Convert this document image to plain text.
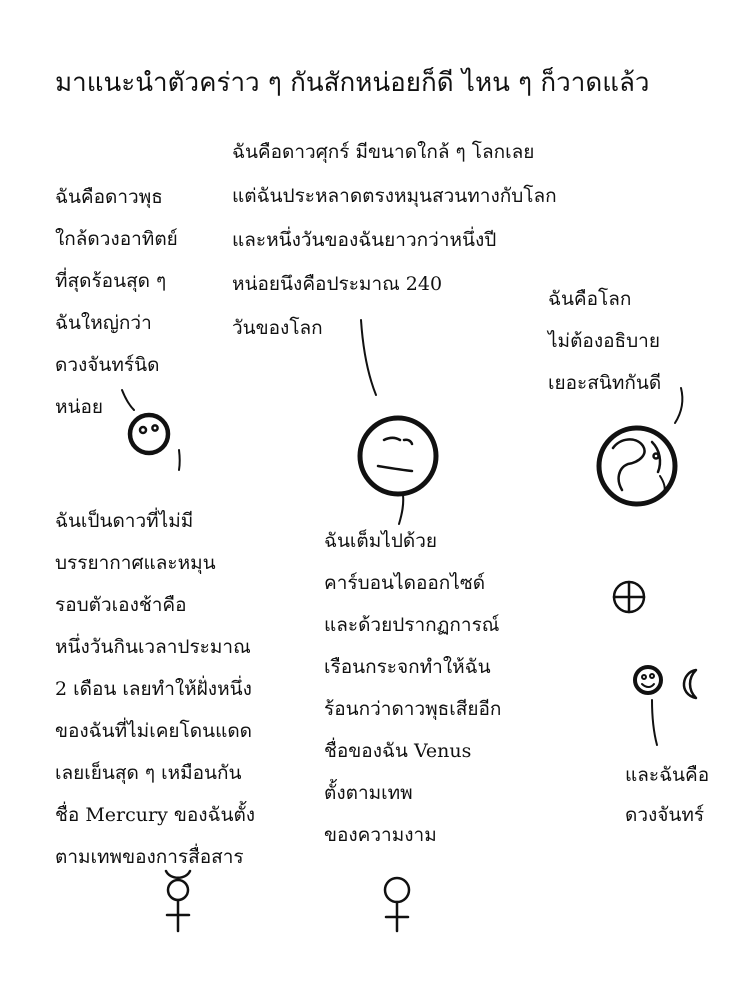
มาแนะนำตัวคร่าว ๆ กันสักหน่อยก็ดี ไหน ๆ ก็วาดแล้ว
ฉันคือดาวพุธ
ใกล้ดวงอาทิตย์
ที่สุดร้อนสุด ๆ
ฉันใหญ่กว่า
ดวงจันทร์นิด
หน่อย
ฉันคือดาวศุกร์ มีขนาดใกล้ ๆ โลกเลย
แต่ฉันประหลาดตรงหมุนสวนทางกับโลก
และหนึ่งวันของฉันยาวกว่าหนึ่งปี
หน่อยนึงคือประมาณ 240
วันของโลก
ฉันคือโลก
ไม่ต้องอธิบาย
เยอะสนิทกันดี
ฉันเป็นดาวที่ไม่มี
บรรยากาศและหมุน
รอบตัวเองช้าคือ
หนึ่งวันกินเวลาประมาณ
2 เดือน เลยทำให้ฝั่งหนึ่ง
ของฉันที่ไม่เคยโดนแดด
เลยเย็นสุด ๆ เหมือนกัน
ชื่อ Mercury ของฉันตั้ง
ตามเทพของการสื่อสาร
ฉันเต็มไปด้วย
คาร์บอนไดออกไซด์
และด้วยปรากฏการณ์
เรือนกระจกทำให้ฉัน
ร้อนกว่าดาวพุธเสียอีก
ชื่อของฉัน Venus
ตั้งตามเทพ
ของความงาม
และฉันคือ
ดวงจันทร์
